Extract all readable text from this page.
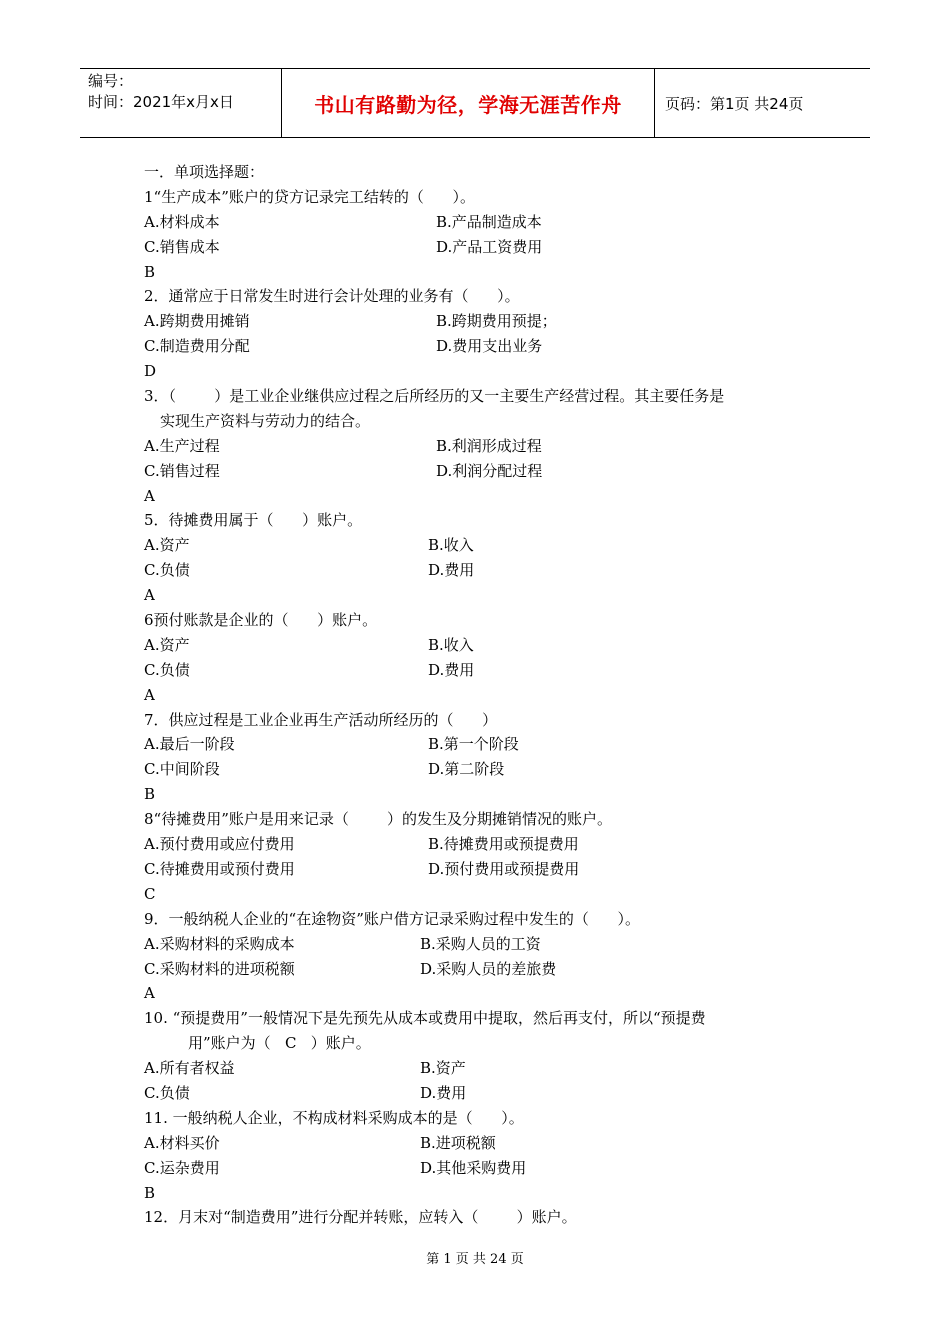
编号：
时间：2021年x月x日	书山有路勤为径，学海无涯苦作舟	页码：第1页 共24页
一．单项选择题：
1“生产成本”账户的贷方记录完工结转的（      ）。
A.材料成本	B.产品制造成本
C.销售成本	D.产品工资费用
B
2．通常应于日常发生时进行会计处理的业务有（      ）。
A.跨期费用摊销	B.跨期费用预提；
C.制造费用分配	D.费用支出业务
D
3．（        ）是工业企业继供应过程之后所经历的又一主要生产经营过程。其主要任务是
实现生产资料与劳动力的结合。
A.生产过程	B.利润形成过程
C.销售过程	D.利润分配过程
A
5．待摊费用属于（      ）账户。
A.资产	B.收入
C.负债	D.费用
A
6预付账款是企业的（      ）账户。
A.资产	B.收入
C.负债	D.费用
A
7．供应过程是工业企业再生产活动所经历的（      ）
A.最后一阶段	B.第一个阶段
C.中间阶段	D.第二阶段
B
8“待摊费用”账户是用来记录（        ）的发生及分期摊销情况的账户。
A.预付费用或应付费用	B.待摊费用或预提费用
C.待摊费用或预付费用	D.预付费用或预提费用
C
9．一般纳税人企业的“在途物资”账户借方记录采购过程中发生的（      ）。
A.采购材料的采购成本	B.采购人员的工资
C.采购材料的进项税额	D.采购人员的差旅费
A
10. “预提费用”一般情况下是先预先从成本或费用中提取，然后再支付，所以“预提费
用”账户为（   C   ）账户。
A.所有者权益	B.资产
C.负债	D.费用
11. 一般纳税人企业，不构成材料采购成本的是（      ）。
A.材料买价	B.进项税额
C.运杂费用	D.其他采购费用
B
12．月末对“制造费用”进行分配并转账，应转入（        ）账户。
第 1 页 共 24 页
